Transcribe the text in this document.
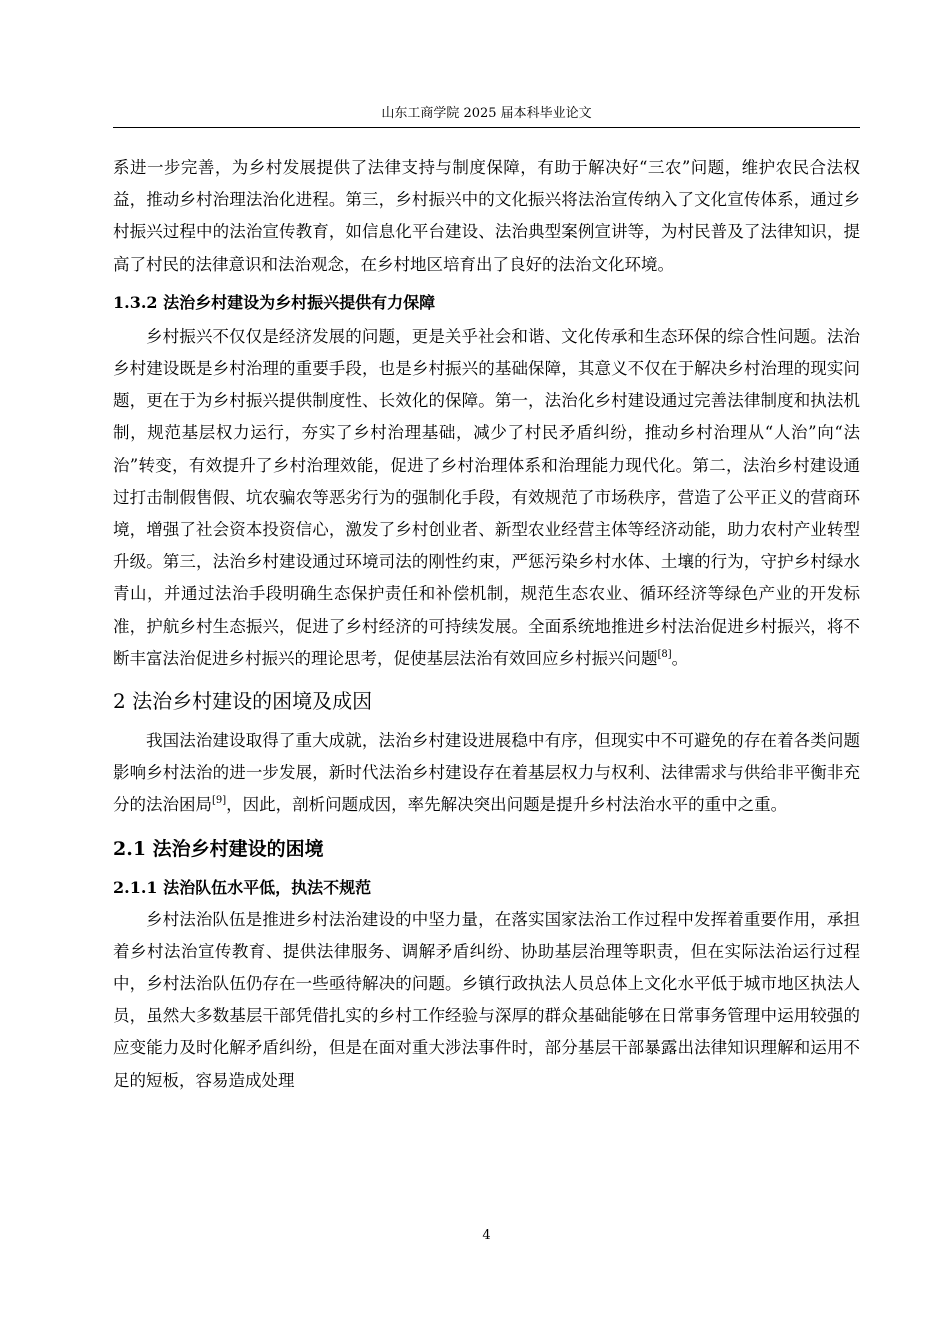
山东工商学院 2025 届本科毕业论文

系进一步完善，为乡村发展提供了法律支持与制度保障，有助于解决好“三农”问题，维护农民合法权益，推动乡村治理法治化进程。第三，乡村振兴中的文化振兴将法治宣传纳入了文化宣传体系，通过乡村振兴过程中的法治宣传教育，如信息化平台建设、法治典型案例宣讲等，为村民普及了法律知识，提高了村民的法律意识和法治观念，在乡村地区培育出了良好的法治文化环境。

1.3.2 法治乡村建设为乡村振兴提供有力保障

乡村振兴不仅仅是经济发展的问题，更是关乎社会和谐、文化传承和生态环保的综合性问题。法治乡村建设既是乡村治理的重要手段，也是乡村振兴的基础保障，其意义不仅在于解决乡村治理的现实问题，更在于为乡村振兴提供制度性、长效化的保障。第一，法治化乡村建设通过完善法律制度和执法机制，规范基层权力运行，夯实了乡村治理基础，减少了村民矛盾纠纷，推动乡村治理从“人治”向“法治”转变，有效提升了乡村治理效能，促进了乡村治理体系和治理能力现代化。第二，法治乡村建设通过打击制假售假、坑农骗农等恶劣行为的强制化手段，有效规范了市场秩序，营造了公平正义的营商环境，增强了社会资本投资信心，激发了乡村创业者、新型农业经营主体等经济动能，助力农村产业转型升级。第三，法治乡村建设通过环境司法的刚性约束，严惩污染乡村水体、土壤的行为，守护乡村绿水青山，并通过法治手段明确生态保护责任和补偿机制，规范生态农业、循环经济等绿色产业的开发标准，护航乡村生态振兴，促进了乡村经济的可持续发展。全面系统地推进乡村法治促进乡村振兴，将不断丰富法治促进乡村振兴的理论思考，促使基层法治有效回应乡村振兴问题[8]。

2 法治乡村建设的困境及成因

我国法治建设取得了重大成就，法治乡村建设进展稳中有序，但现实中不可避免的存在着各类问题影响乡村法治的进一步发展，新时代法治乡村建设存在着基层权力与权利、法律需求与供给非平衡非充分的法治困局[9]，因此，剖析问题成因，率先解决突出问题是提升乡村法治水平的重中之重。

2.1 法治乡村建设的困境
2.1.1 法治队伍水平低，执法不规范

乡村法治队伍是推进乡村法治建设的中坚力量，在落实国家法治工作过程中发挥着重要作用，承担着乡村法治宣传教育、提供法律服务、调解矛盾纠纷、协助基层治理等职责，但在实际法治运行过程中，乡村法治队伍仍存在一些亟待解决的问题。乡镇行政执法人员总体上文化水平低于城市地区执法人员，虽然大多数基层干部凭借扎实的乡村工作经验与深厚的群众基础能够在日常事务管理中运用较强的应变能力及时化解矛盾纠纷，但是在面对重大涉法事件时，部分基层干部暴露出法律知识理解和运用不足的短板，容易造成处理

4
